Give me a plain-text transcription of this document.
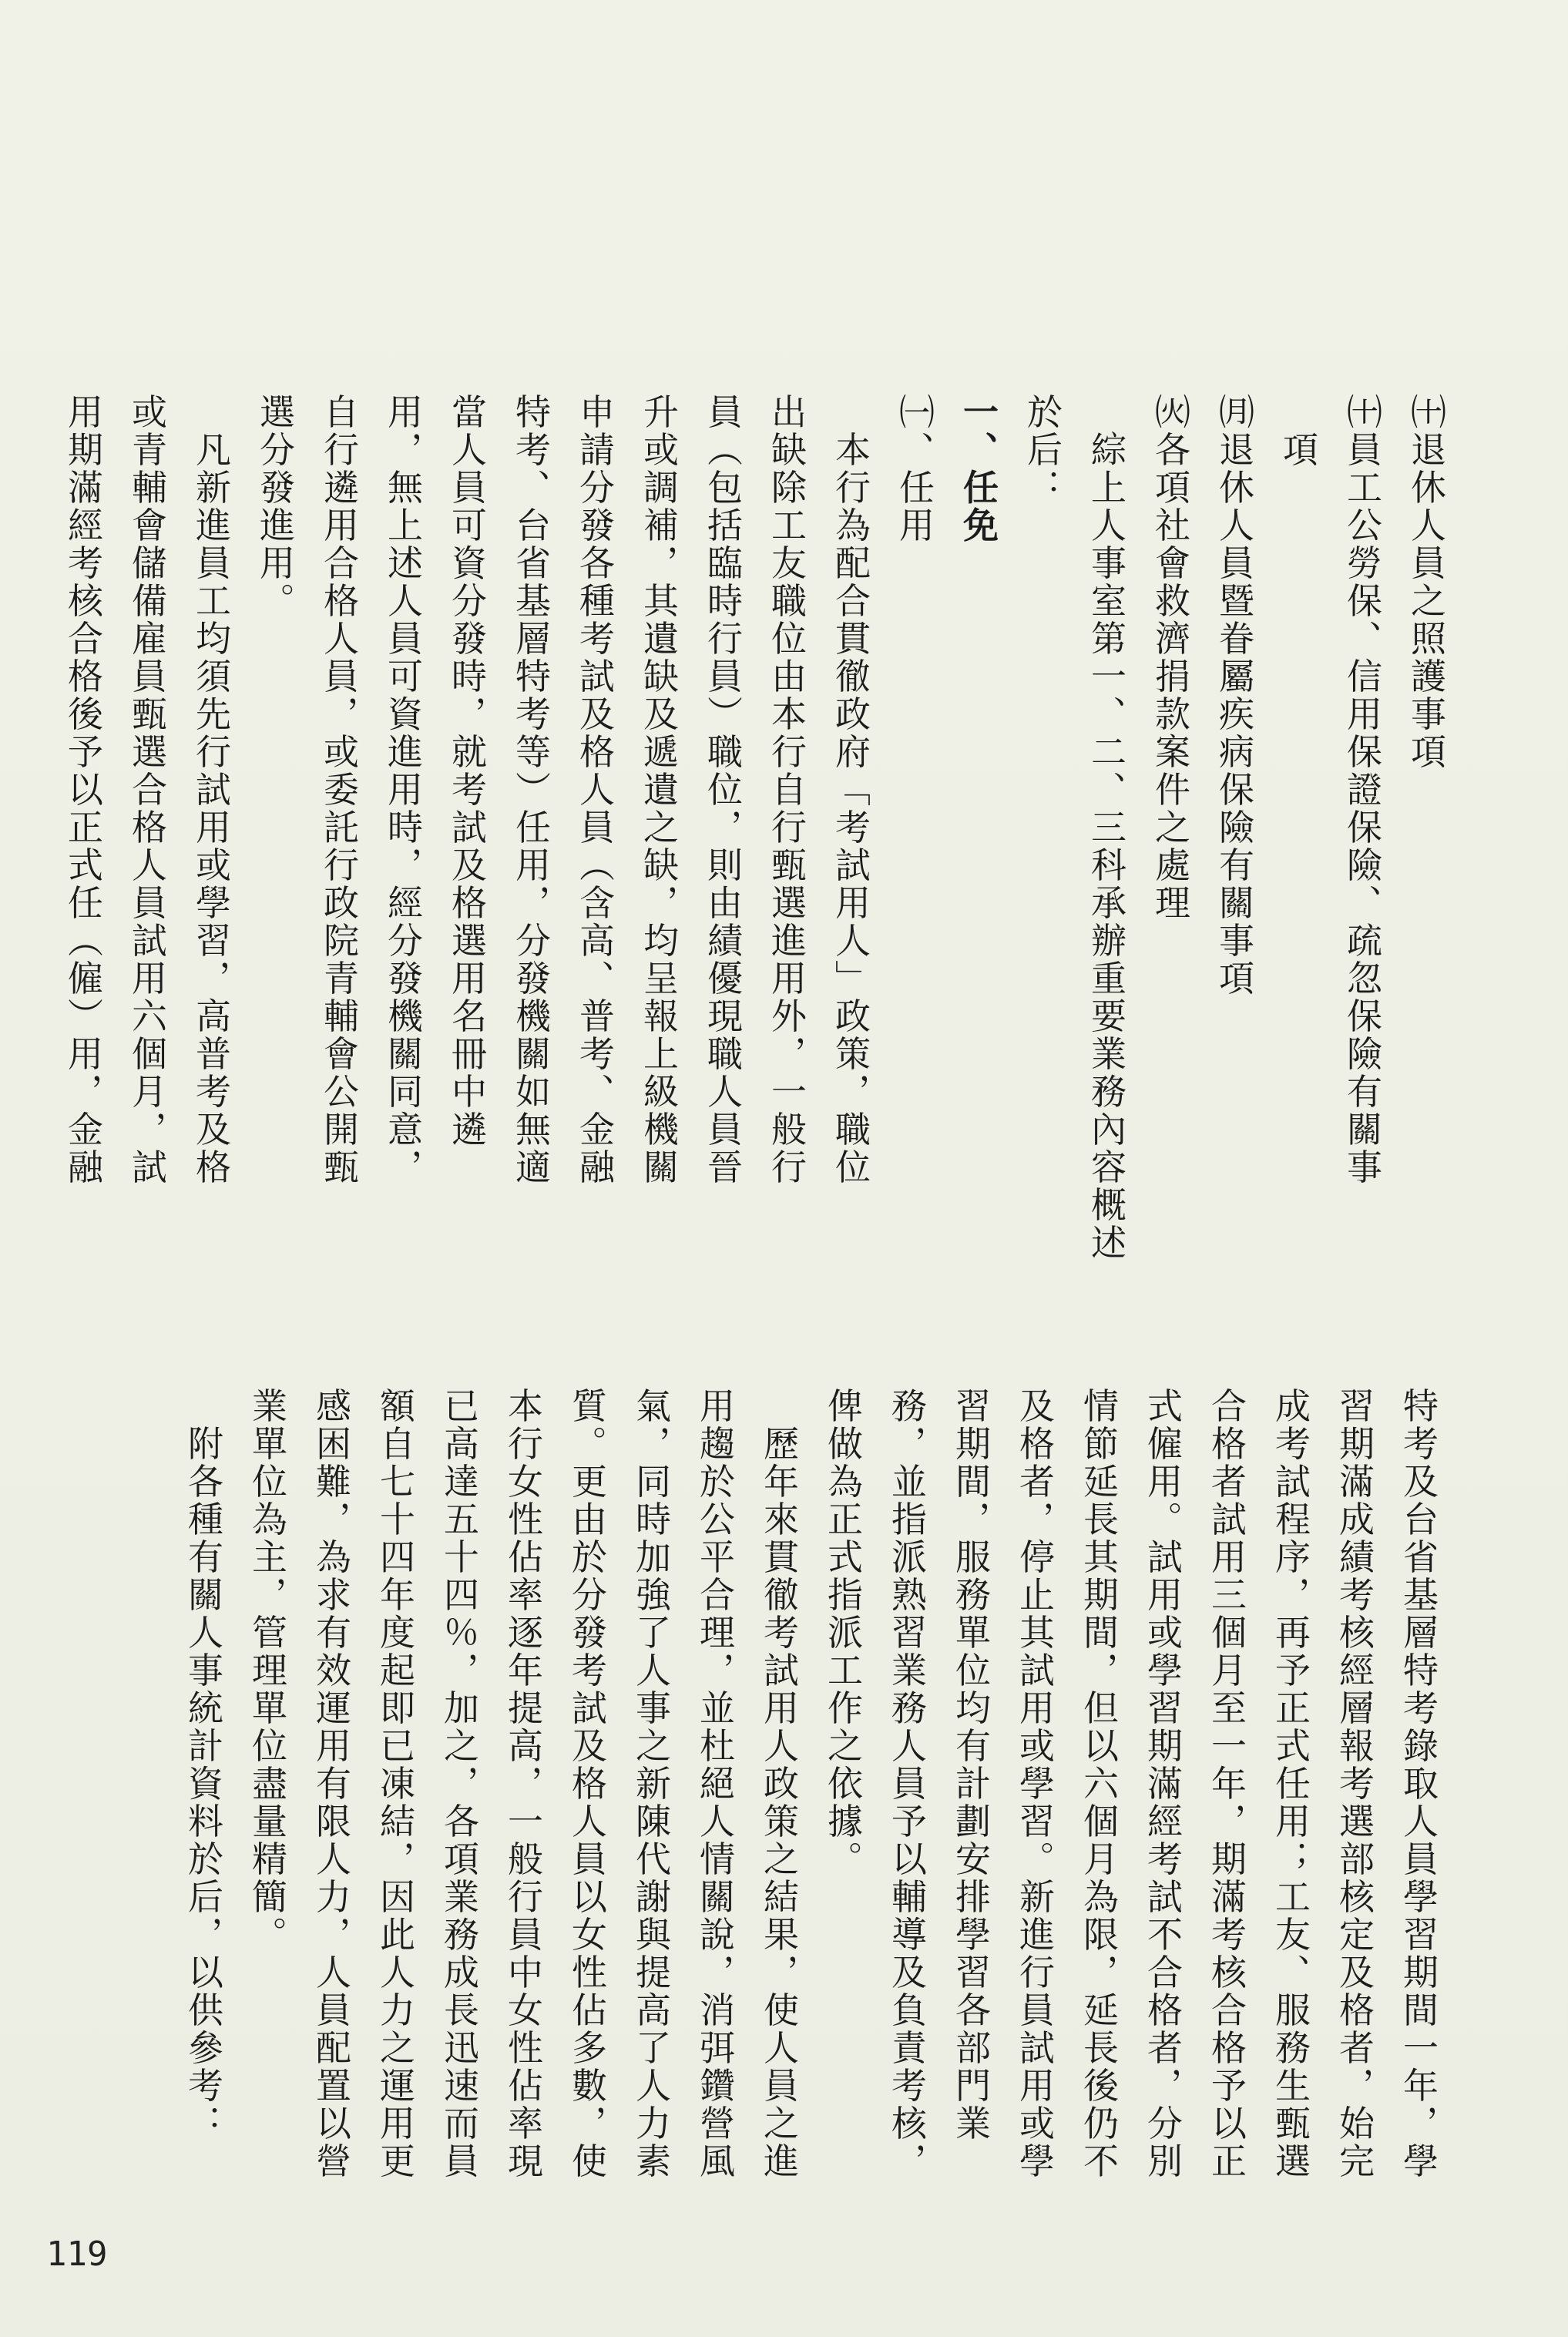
㈩退休人員之照護事項
㈩員工公勞保、信用保證保險、疏忽保險有關事
　項
㈪退休人員暨眷屬疾病保險有關事項
㈫各項社會救濟捐款案件之處理
　綜上人事室第一、二、三科承辦重要業務內容概述
於后：
一、任免
㈠、任用
　本行為配合貫徹政府「考試用人」政策，職位
出缺除工友職位由本行自行甄選進用外，一般行
員（包括臨時行員）職位，則由績優現職人員晉
升或調補，其遺缺及遞遺之缺，均呈報上級機關
申請分發各種考試及格人員（含高、普考、金融
特考、台省基層特考等）任用，分發機關如無適
當人員可資分發時，就考試及格選用名冊中遴
用，無上述人員可資進用時，經分發機關同意，
自行遴用合格人員，或委託行政院青輔會公開甄
選分發進用。
　凡新進員工均須先行試用或學習，高普考及格
或青輔會儲備雇員甄選合格人員試用六個月，試
用期滿經考核合格後予以正式任（僱）用，金融

特考及台省基層特考錄取人員學習期間一年，學
習期滿成績考核經層報考選部核定及格者，始完
成考試程序，再予正式任用；工友、服務生甄選
合格者試用三個月至一年，期滿考核合格予以正
式僱用。試用或學習期滿經考試不合格者，分別
情節延長其期間，但以六個月為限，延長後仍不
及格者，停止其試用或學習。新進行員試用或學
習期間，服務單位均有計劃安排學習各部門業
務，並指派熟習業務人員予以輔導及負責考核，
俾做為正式指派工作之依據。
　歷年來貫徹考試用人政策之結果，使人員之進
用趨於公平合理，並杜絕人情關說，消弭鑽營風
氣，同時加強了人事之新陳代謝與提高了人力素
質。更由於分發考試及格人員以女性佔多數，使
本行女性佔率逐年提高，一般行員中女性佔率現
已高達五十四％，加之，各項業務成長迅速而員
額自七十四年度起即已凍結，因此人力之運用更
感困難，為求有效運用有限人力，人員配置以營
業單位為主，管理單位盡量精簡。
　附各種有關人事統計資料於后，以供參考：

119
